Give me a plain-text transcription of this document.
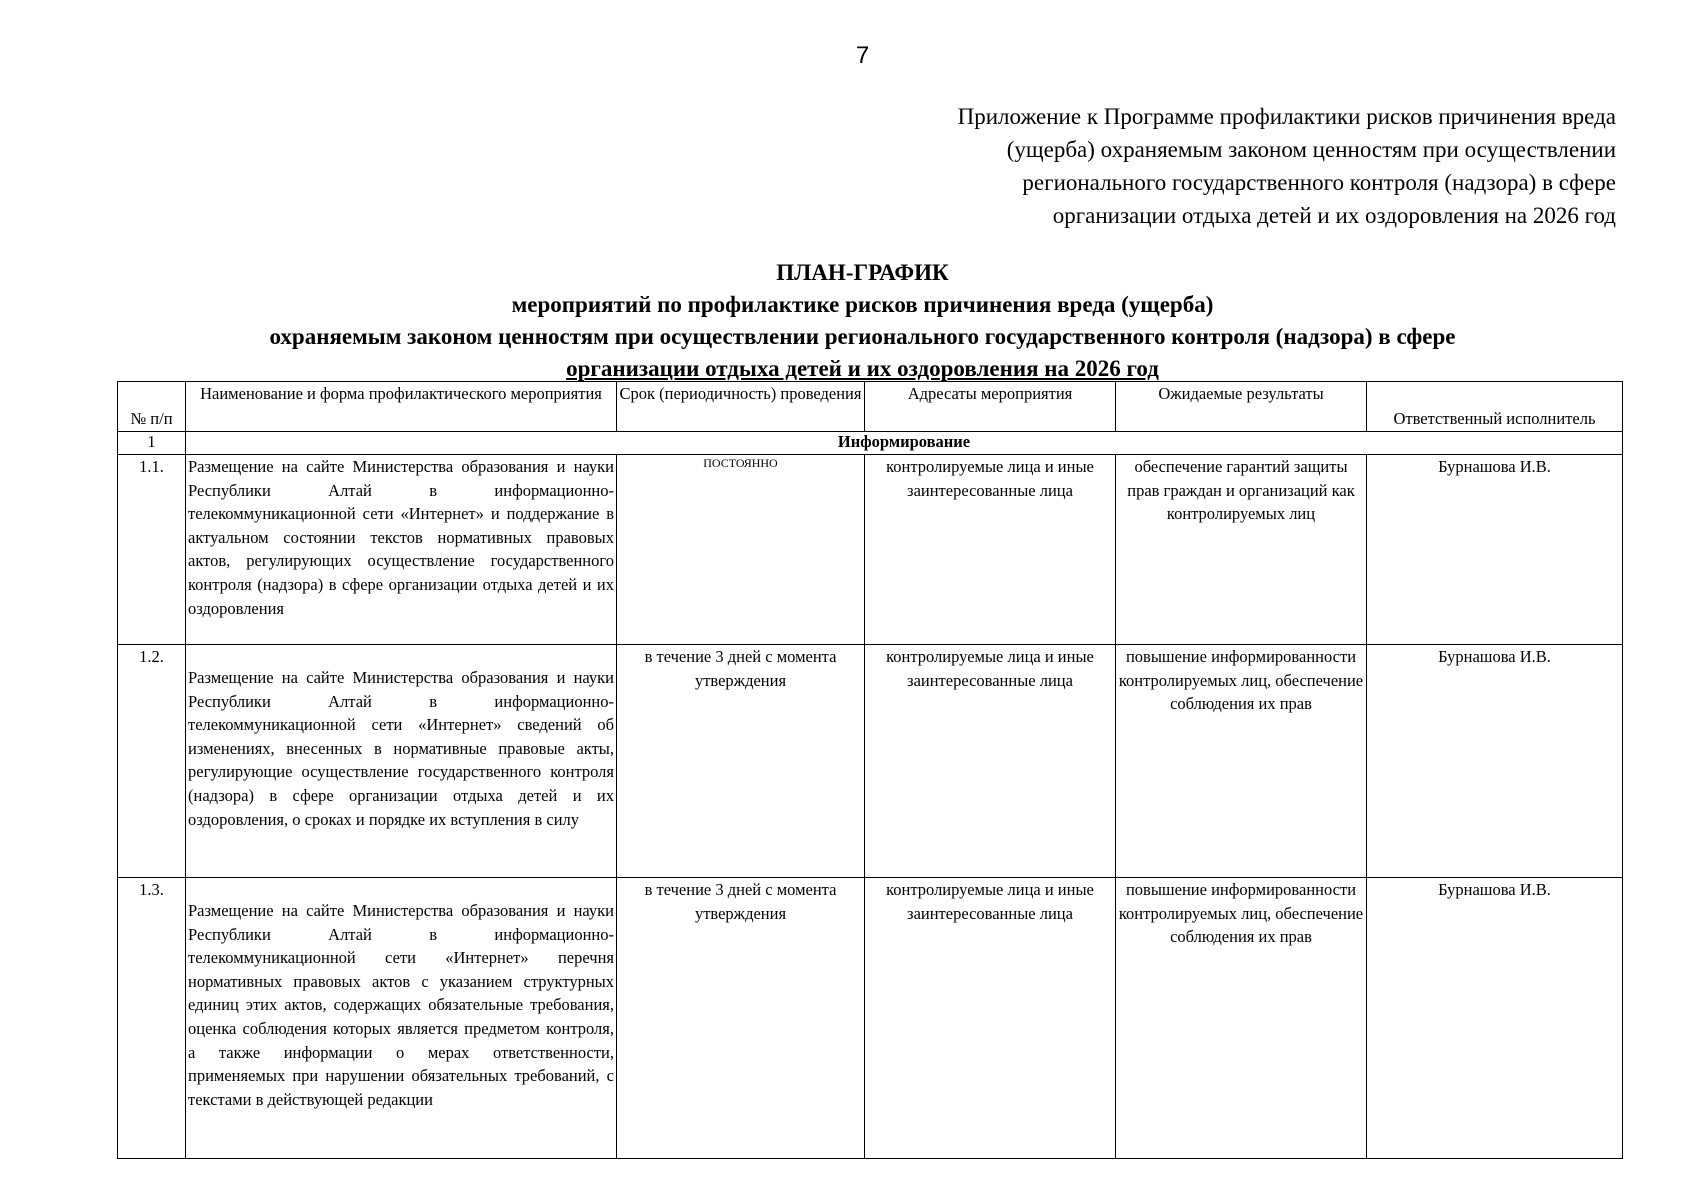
7
Приложение к Программе профилактики рисков причинения вреда
(ущерба) охраняемым законом ценностям при осуществлении
регионального государственного контроля (надзора) в сфере
организации отдыха детей и их оздоровления на 2026 год
ПЛАН-ГРАФИК
мероприятий по профилактике рисков причинения вреда (ущерба)
охраняемым законом ценностям при осуществлении регионального государственного контроля (надзора) в сфере
организации отдыха детей и их оздоровления на 2026 год
№ п/п	Наименование и форма профилактического мероприятия	Срок (периодичность) проведения	Адресаты мероприятия	Ожидаемые результаты	Ответственный исполнитель
1	Информирование				
1.1.	Размещение на сайте Министерства образования и науки Республики Алтай в информационно-телекоммуникационной сети «Интернет» и поддержание в актуальном состоянии текстов нормативных правовых актов, регулирующих осуществление государственного контроля (надзора) в сфере организации отдыха детей и их оздоровления	ПОСТОЯННО	контролируемые лица и иные заинтересованные лица	обеспечение гарантий защиты прав граждан и организаций как контролируемых лиц	Бурнашова И.В.
1.2.	Размещение на сайте Министерства образования и науки Республики Алтай в информационно-телекоммуникационной сети «Интернет» сведений об изменениях, внесенных в нормативные правовые акты, регулирующие осуществление государственного контроля (надзора) в сфере организации отдыха детей и их оздоровления, о сроках и порядке их вступления в силу	в течение 3 дней с момента утверждения	контролируемые лица и иные заинтересованные лица	повышение информированности контролируемых лиц, обеспечение соблюдения их прав	Бурнашова И.В.
1.3.	Размещение на сайте Министерства образования и науки Республики Алтай в информационно-телекоммуникационной сети «Интернет» перечня нормативных правовых актов с указанием структурных единиц этих актов, содержащих обязательные требования, оценка соблюдения которых является предметом контроля, а также информации о мерах ответственности, применяемых при нарушении обязательных требований, с текстами в действующей редакции	в течение 3 дней с момента утверждения	контролируемые лица и иные заинтересованные лица	повышение информированности контролируемых лиц, обеспечение соблюдения их прав	Бурнашова И.В.
